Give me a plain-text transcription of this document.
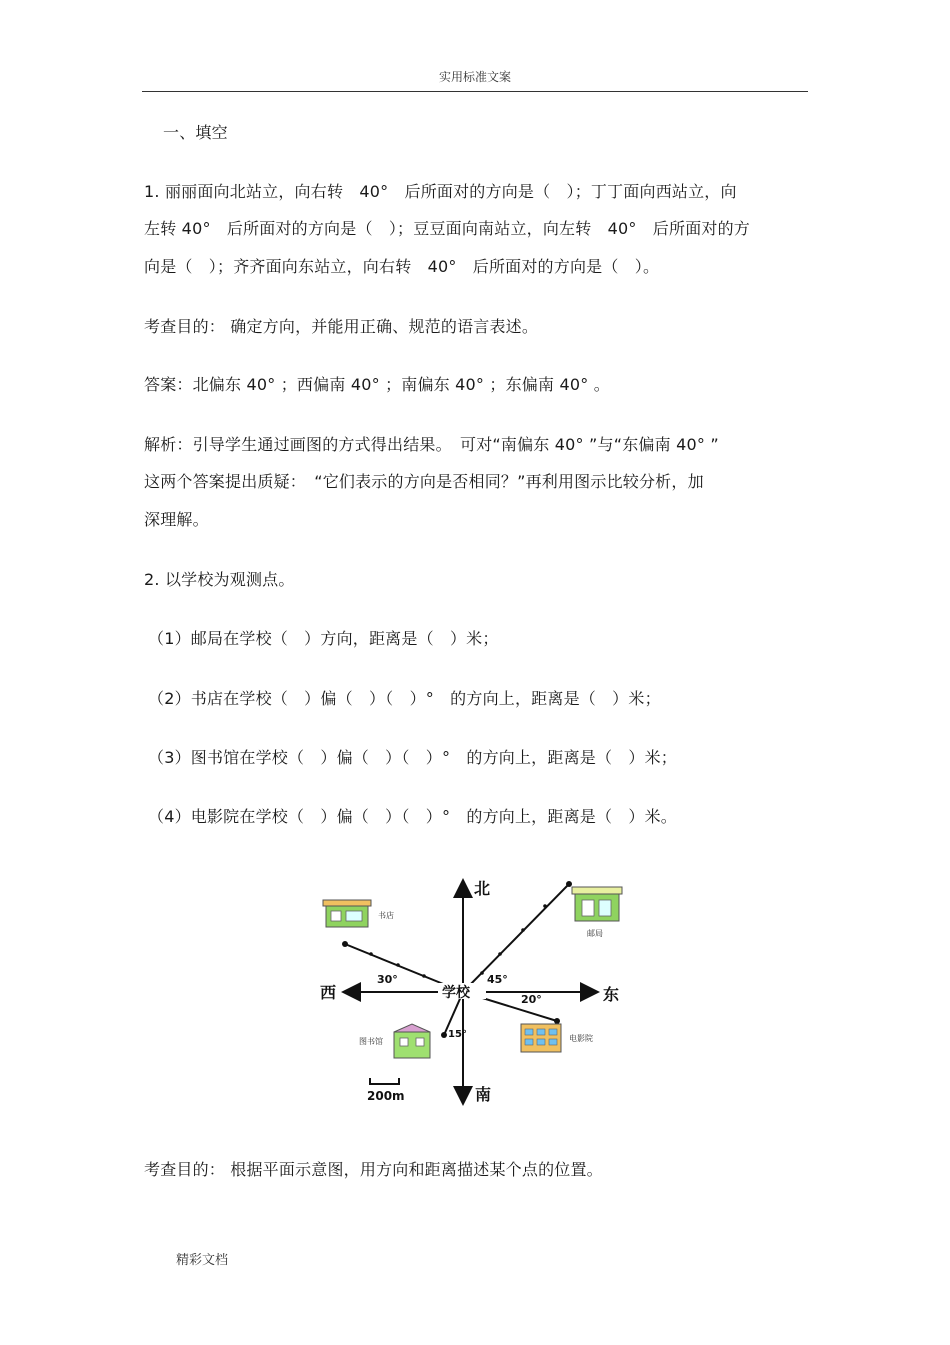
实用标准文案
一、填空
1. 丽丽面向北站立，向右转　40°　后所面对的方向是（　）；丁丁面向西站立，向
左转 40°　后所面对的方向是（　）；豆豆面向南站立，向左转　40°　后所面对的方
向是（　）；齐齐面向东站立，向右转　40°　后所面对的方向是（　）。
考查目的： 确定方向，并能用正确、规范的语言表述。
答案：北偏东 40° ；西偏南 40° ；南偏东 40° ；东偏南 40° 。
解析：引导学生通过画图的方式得出结果。　可对“南偏东 40° ”与“东偏南 40° ”
这两个答案提出质疑：　“它们表示的方向是否相同？”再利用图示比较分析，加
深理解。
2. 以学校为观测点。
（1）邮局在学校（　）方向，距离是（　）米；
（2）书店在学校（　）偏（　）（　）°　的方向上，距离是（　）米；
（3）图书馆在学校（　）偏（　）（　）°　的方向上，距离是（　）米；
（4）电影院在学校（　）偏（　）（　）°　的方向上，距离是（　）米。
北
南
东
西	学校
书店
邮局
图书馆	电影院
30°	45°
20°
15°
200m
考查目的： 根据平面示意图，用方向和距离描述某个点的位置。
精彩文档
